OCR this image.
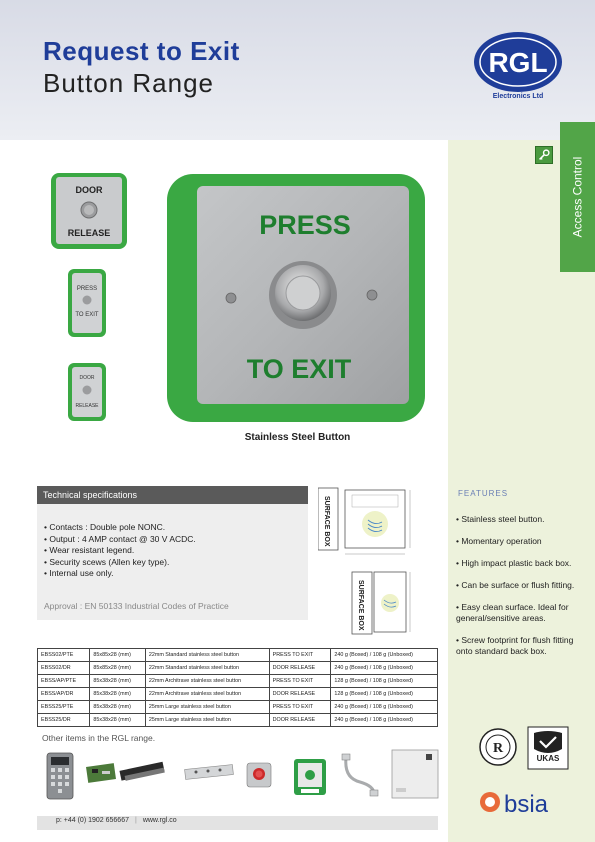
Request to Exit
Button Range
RGL
Electronics Ltd
Access Control
DOOR
RELEASE
PRESS
TO EXIT
DOOR
RELEASE
PRESS
TO EXIT
Stainless Steel Button
Technical specifications
• Contacts : Double pole NONC.
• Output : 4 AMP contact @ 30 V ACDC.
• Wear resistant legend.
• Security scews (Allen key type).
• Internal use only.
Approval : EN 50133 Industrial Codes of Practice
SURFACE BOX
SURFACE BOX
FEATURES
• Stainless steel button.
• Momentary operation
• High impact plastic back box.
• Can be surface or flush fitting.
• Easy clean surface. Ideal for general/sensitive areas.
• Screw footprint for flush fitting onto standard back box.
EBSS02/PTE	85x85x28 (mm)	22mm Standard stainless steel button	PRESS TO EXIT	240 g (Boxed) / 108 g (Unboxed)
EBSS02/DR	85x85x28 (mm)	22mm Standard stainless steel button	DOOR RELEASE	240 g (Boxed) / 108 g (Unboxed)
EBSS/AP/PTE	85x38x28 (mm)	22mm Architrave stainless steel button	PRESS TO EXIT	128 g (Boxed) / 108 g (Unboxed)
EBSS/AP/DR	85x38x28 (mm)	22mm Architrave stainless steel button	DOOR RELEASE	128 g (Boxed) / 108 g (Unboxed)
EBSS25/PTE	85x38x28 (mm)	25mm Large stainless steel button	PRESS TO EXIT	240 g (Boxed) / 108 g (Unboxed)
EBSS25/DR	85x38x28 (mm)	25mm Large stainless steel button	DOOR RELEASE	240 g (Boxed) / 108 g (Unboxed)
Other items in the RGL range.
R
UKAS
bsia
p: +44 (0) 1902 656667 | www.rgl.co
